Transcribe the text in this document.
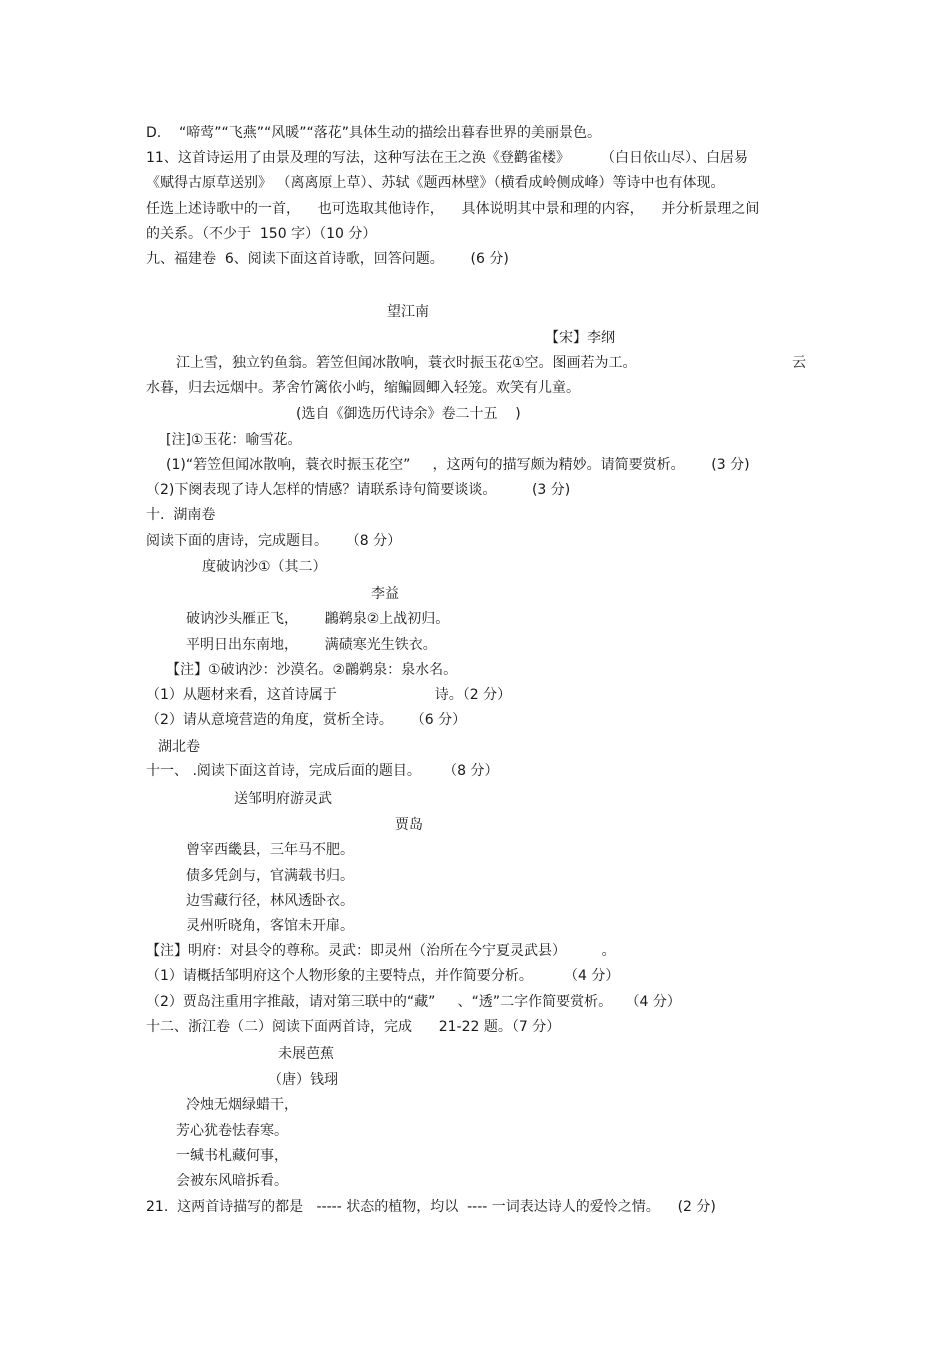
D.    “啼莺”“飞燕”“风暖”“落花”具体生动的描绘出暮春世界的美丽景色。
11、这首诗运用了由景及理的写法，这种写法在王之涣《登鹳雀楼》       （白日依山尽）、白居易
《赋得古原草送别》 （离离原上草）、苏轼《题西林壁》（横看成岭侧成峰）等诗中也有体现。
任选上述诗歌中的一首，    也可选取其他诗作，    具体说明其中景和理的内容，    并分析景理之间
的关系。（不少于  150 字）（10 分）
九、福建卷  6、阅读下面这首诗歌，回答问题。      (6 分)
望江南
【宋】李纲
江上雪，独立钓鱼翁。箬笠但闻冰散响，蓑衣时振玉花①空。图画若为工。	云
水暮，归去远烟中。茅舍竹篱依小屿，缩鳊圆鲫入轻笼。欢笑有儿童。
(选自《御选历代诗余》卷二十五    )
[注]①玉花：喻雪花。
(1)“箬笠但闻冰散响，蓑衣时振玉花空”     ，这两句的描写颇为精妙。请简要赏析。      (3 分)
（2)下阕表现了诗人怎样的情感？请联系诗句简要谈谈。        (3 分)
十.  湖南卷
阅读下面的唐诗，完成题目。    （8 分）
度破讷沙①（其二）
李益
破讷沙头雁正飞，      鸊鹈泉②上战初归。
平明日出东南地，      满碛寒光生铁衣。
【注】①破讷沙：沙漠名。②鸊鹈泉：泉水名。
（1）从题材来看，这首诗属于                      诗。（2 分）
（2）请从意境营造的角度，赏析全诗。    （6 分）
湖北卷
十一、 .阅读下面这首诗，完成后面的题目。     （8 分）
送邹明府游灵武
贾岛
曾宰西畿县，三年马不肥。
债多凭剑与，官满载书归。
边雪藏行径，林风透卧衣。
灵州听晓角，客馆未开扉。
【注】明府：对县令的尊称。灵武：即灵州（治所在今宁夏灵武县）        。
（1）请概括邹明府这个人物形象的主要特点，并作简要分析。       （4 分）
（2）贾岛注重用字推敲，请对第三联中的“藏”     、“透”二字作简要赏析。   （4 分）
十二、浙江卷（二）阅读下面两首诗，完成      21-22 题。（7 分）
未展芭蕉
（唐）钱珝
冷烛无烟绿蜡干，
芳心犹卷怯春寒。
一缄书札藏何事，
会被东风暗拆看。
21.  这两首诗描写的都是   ----- 状态的植物，均以  ---- 一词表达诗人的爱怜之情。    (2 分)
